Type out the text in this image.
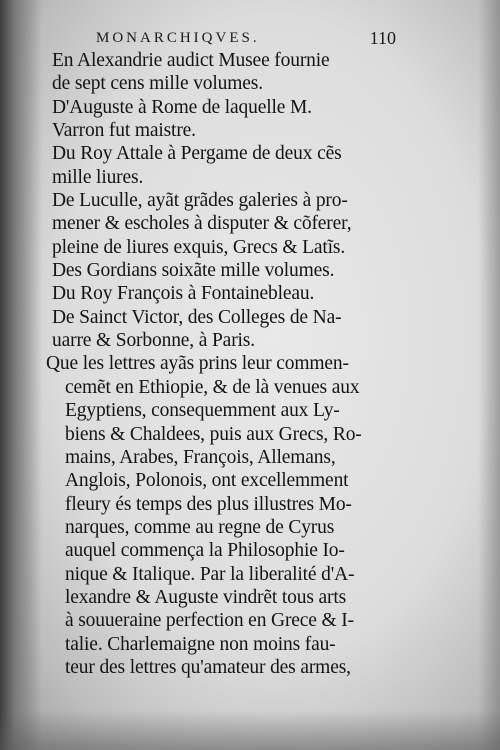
MONARCHIQVES.	110
En Alexandrie audict Musee fournie
de sept cens mille volumes.
D'Auguste à Rome de laquelle M.
Varron fut maistre.
Du Roy Attale à Pergame de deux cẽs
mille liures.
De Luculle, ayãt grãdes galeries à pro-
mener & escholes à disputer & cõferer,
pleine de liures exquis, Grecs & Latĩs.
Des Gordians soixãte mille volumes.
Du Roy François à Fontainebleau.
De Sainct Victor, des Colleges de Na-
uarre & Sorbonne, à Paris.
Que les lettres ayãs prins leur commen-
cemẽt en Ethiopie, & de là venues aux
Egyptiens, consequemment aux Ly-
biens & Chaldees, puis aux Grecs, Ro-
mains, Arabes, François, Allemans,
Anglois, Polonois, ont excellemment
fleury és temps des plus illustres Mo-
narques, comme au regne de Cyrus
auquel commença la Philosophie Io-
nique & Italique. Par la liberalité d'A-
lexandre & Auguste vindrẽt tous arts
à souueraine perfection en Grece & I-
talie. Charlemaigne non moins fau-
teur des lettres qu'amateur des armes,
